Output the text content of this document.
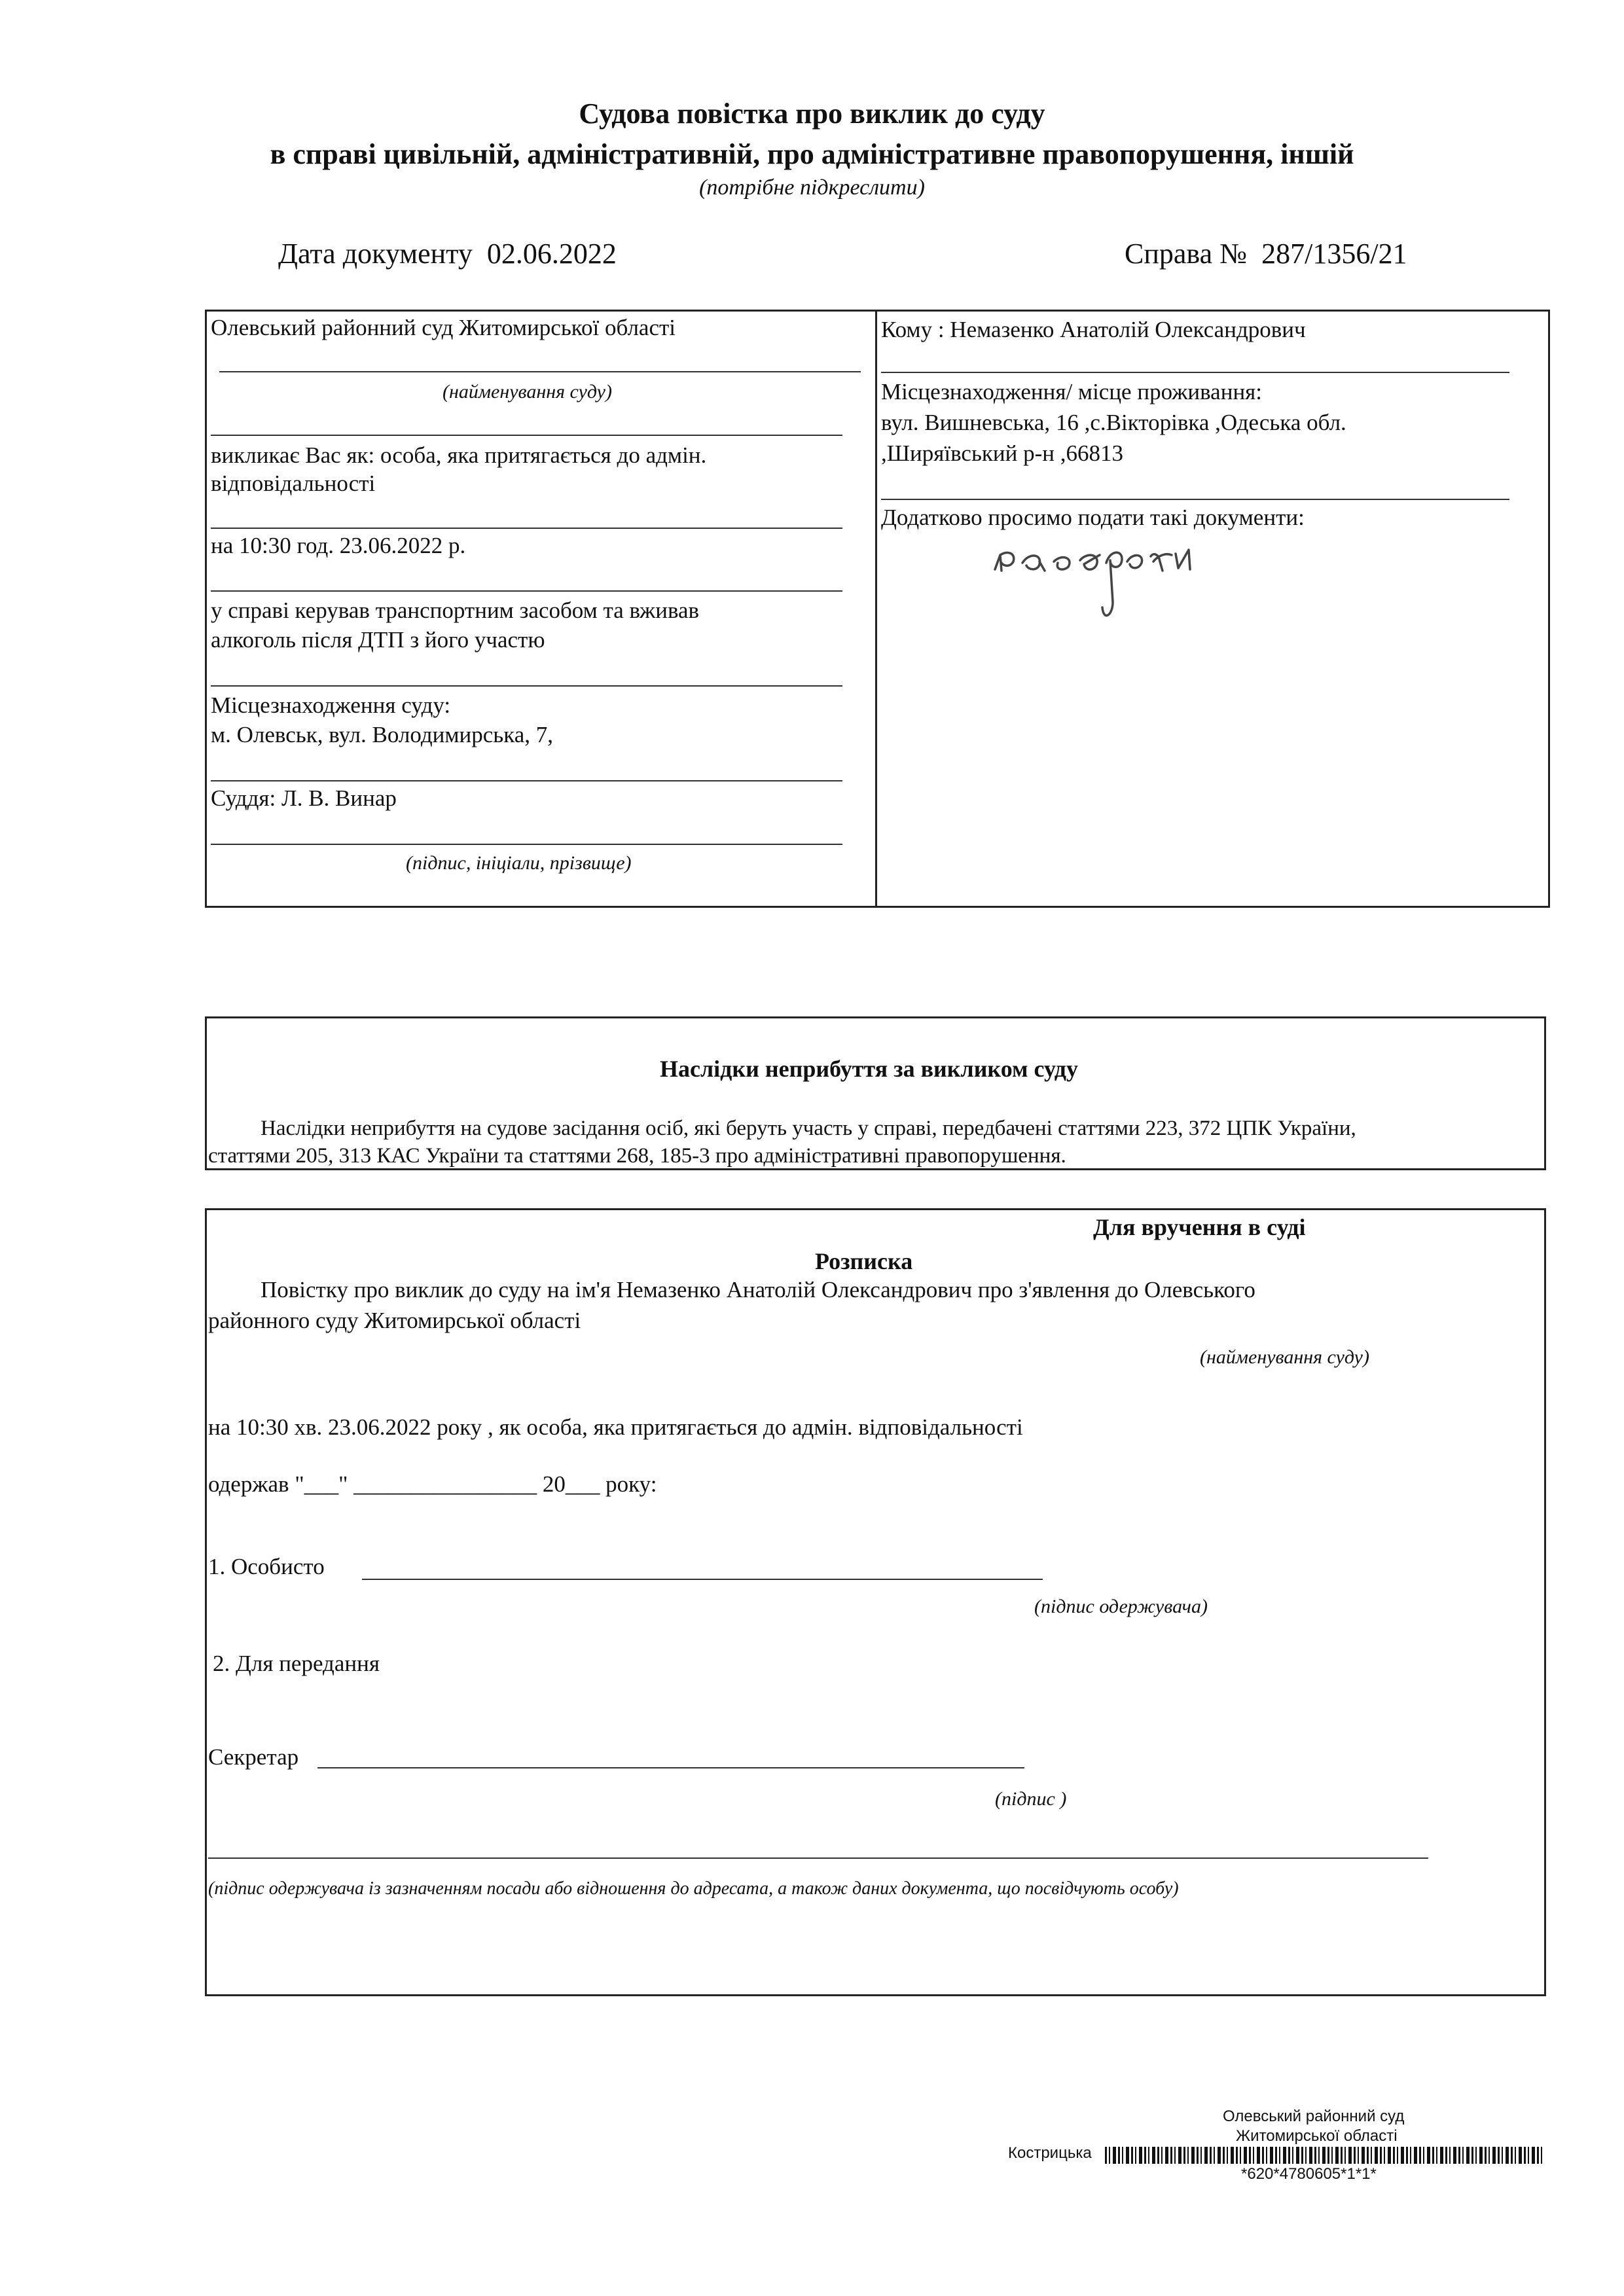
Судова повістка про виклик до суду
в справі цивільній, адміністративній, про адміністративне правопорушення, іншій
(потрібне підкреслити)
Дата документу 02.06.2022	Справа № 287/1356/21
Олевський районний суд Житомирської області
(найменування суду)
викликає Вас як: особа, яка притягається до адмін.
відповідальності
на 10:30 год. 23.06.2022 р.
у справі керував транспортним засобом та вживав
алкоголь після ДТП з його участю
Місцезнаходження суду:
м. Олевськ, вул. Володимирська, 7,
Суддя: Л. В. Винар
(підпис, ініціали, прізвище)
Кому : Немазенко Анатолій Олександрович
Місцезнаходження/ місце проживання:
вул. Вишневська, 16 ,с.Вікторівка ,Одеська обл.
,Ширяївський р-н ,66813
Додатково просимо подати такі документи:
Наслідки неприбуття за викликом суду
Наслідки неприбуття на судове засідання осіб, які беруть участь у справі, передбачені статтями 223, 372 ЦПК України,
статтями 205, 313 КАС України та статтями 268, 185-3 про адміністративні правопорушення.
Для вручення в суді
Розписка
Повістку про виклик до суду на ім'я Немазенко Анатолій Олександрович про з'явлення до Олевського
районного суду Житомирської області
(найменування суду)
на 10:30 хв. 23.06.2022 року , як особа, яка притягається до адмін. відповідальності
одержав "___" ________________ 20___ року:
1. Особисто
(підпис одержувача)
2. Для передання
Секретар
(підпис )
(підпис одержувача із зазначенням посади або відношення до адресата, а також даних документа, що посвідчують особу)
Олевський районний суд
Житомирської області
Кострицька
*620*4780605*1*1*
